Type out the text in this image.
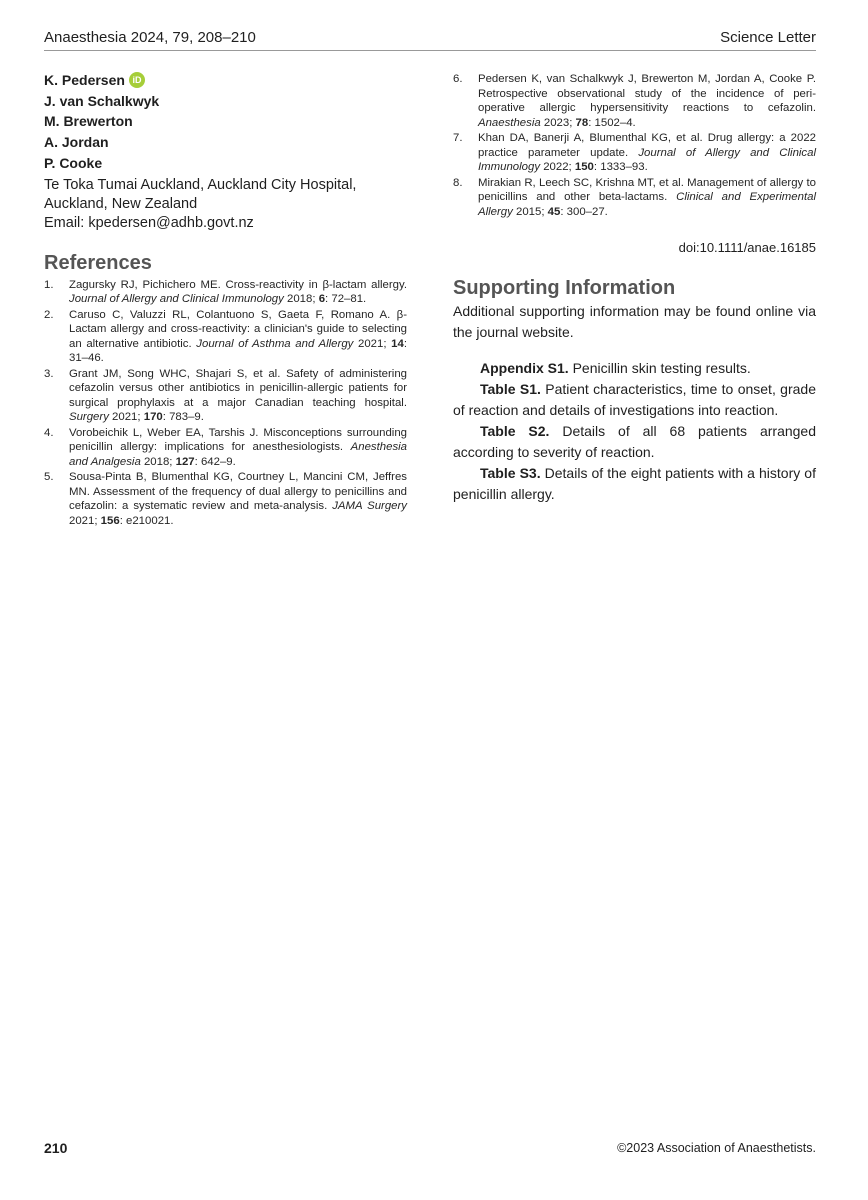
Anaesthesia 2024, 79, 208–210	Science Letter
K. Pedersen iD
J. van Schalkwyk
M. Brewerton
A. Jordan
P. Cooke
Te Toka Tumai Auckland, Auckland City Hospital,
Auckland, New Zealand
Email: kpedersen@adhb.govt.nz
References
1. Zagursky RJ, Pichichero ME. Cross-reactivity in β-lactam allergy. Journal of Allergy and Clinical Immunology 2018; 6: 72–81.
2. Caruso C, Valuzzi RL, Colantuono S, Gaeta F, Romano A. β-Lactam allergy and cross-reactivity: a clinician's guide to selecting an alternative antibiotic. Journal of Asthma and Allergy 2021; 14: 31–46.
3. Grant JM, Song WHC, Shajari S, et al. Safety of administering cefazolin versus other antibiotics in penicillin-allergic patients for surgical prophylaxis at a major Canadian teaching hospital. Surgery 2021; 170: 783–9.
4. Vorobeichik L, Weber EA, Tarshis J. Misconceptions surrounding penicillin allergy: implications for anesthesiologists. Anesthesia and Analgesia 2018; 127: 642–9.
5. Sousa-Pinta B, Blumenthal KG, Courtney L, Mancini CM, Jeffres MN. Assessment of the frequency of dual allergy to penicillins and cefazolin: a systematic review and meta-analysis. JAMA Surgery 2021; 156: e210021.
6. Pedersen K, van Schalkwyk J, Brewerton M, Jordan A, Cooke P. Retrospective observational study of the incidence of peri-operative allergic hypersensitivity reactions to cefazolin. Anaesthesia 2023; 78: 1502–4.
7. Khan DA, Banerji A, Blumenthal KG, et al. Drug allergy: a 2022 practice parameter update. Journal of Allergy and Clinical Immunology 2022; 150: 1333–93.
8. Mirakian R, Leech SC, Krishna MT, et al. Management of allergy to penicillins and other beta-lactams. Clinical and Experimental Allergy 2015; 45: 300–27.
doi:10.1111/anae.16185
Supporting Information
Additional supporting information may be found online via the journal website.
Appendix S1. Penicillin skin testing results.
Table S1. Patient characteristics, time to onset, grade of reaction and details of investigations into reaction.
Table S2. Details of all 68 patients arranged according to severity of reaction.
Table S3. Details of the eight patients with a history of penicillin allergy.
210	©2023 Association of Anaesthetists.
